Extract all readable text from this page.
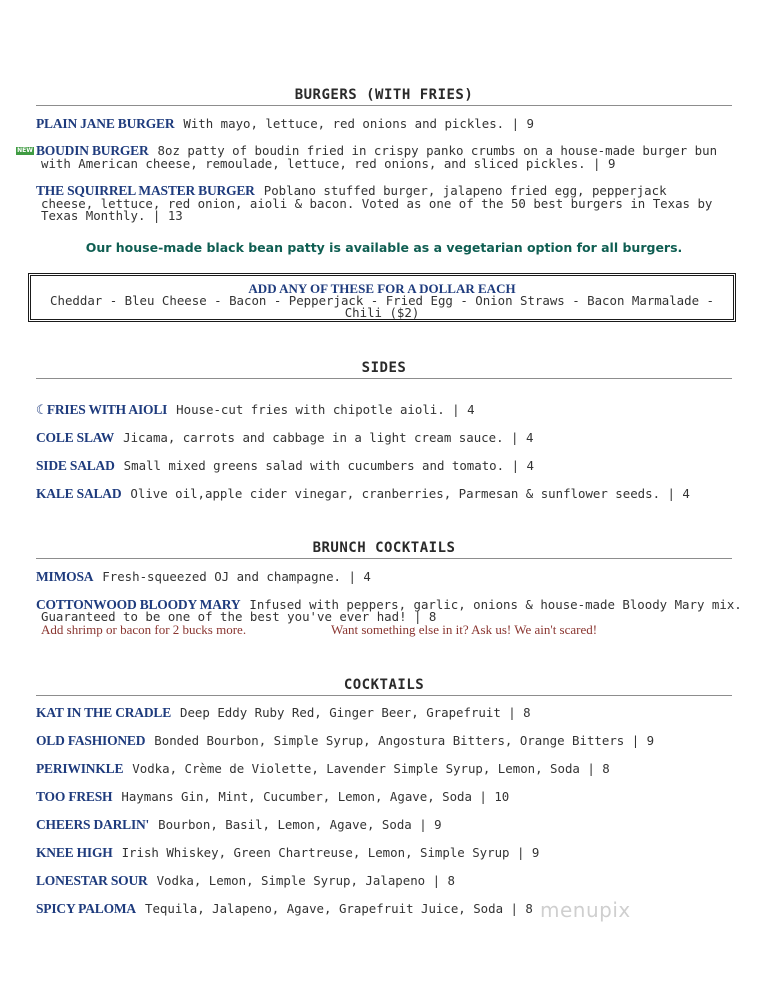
BURGERS (WITH FRIES)
PLAIN JANE BURGER With mayo, lettuce, red onions and pickles. | 9
NEW BOUDIN BURGER 8oz patty of boudin fried in crispy panko crumbs on a house-made burger bun
with American cheese, remoulade, lettuce, red onions, and sliced pickles. | 9
THE SQUIRREL MASTER BURGER Poblano stuffed burger, jalapeno fried egg, pepperjack
cheese, lettuce, red onion, aioli & bacon. Voted as one of the 50 best burgers in Texas by
Texas Monthly. | 13
Our house-made black bean patty is available as a vegetarian option for all burgers.
ADD ANY OF THESE FOR A DOLLAR EACH
Cheddar - Bleu Cheese - Bacon - Pepperjack - Fried Egg - Onion Straws - Bacon Marmalade -
Chili ($2)
SIDES
☾ FRIES WITH AIOLI House-cut fries with chipotle aioli. | 4
COLE SLAW Jicama, carrots and cabbage in a light cream sauce. | 4
SIDE SALAD Small mixed greens salad with cucumbers and tomato. | 4
KALE SALAD Olive oil,apple cider vinegar, cranberries, Parmesan & sunflower seeds. | 4
BRUNCH COCKTAILS
MIMOSA Fresh-squeezed OJ and champagne. | 4
COTTONWOOD BLOODY MARY Infused with peppers, garlic, onions & house-made Bloody Mary mix.
Guaranteed to be one of the best you've ever had! | 8
Add shrimp or bacon for 2 bucks more.	Want something else in it? Ask us! We ain't scared!
COCKTAILS
KAT IN THE CRADLE Deep Eddy Ruby Red, Ginger Beer, Grapefruit | 8
OLD FASHIONED Bonded Bourbon, Simple Syrup, Angostura Bitters, Orange Bitters | 9
PERIWINKLE Vodka, Crème de Violette, Lavender Simple Syrup, Lemon, Soda | 8
TOO FRESH Haymans Gin, Mint, Cucumber, Lemon, Agave, Soda | 10
CHEERS DARLIN' Bourbon, Basil, Lemon, Agave, Soda | 9
KNEE HIGH Irish Whiskey, Green Chartreuse, Lemon, Simple Syrup | 9
LONESTAR SOUR Vodka, Lemon, Simple Syrup, Jalapeno | 8
SPICY PALOMA Tequila, Jalapeno, Agave, Grapefruit Juice, Soda | 8 menupix
